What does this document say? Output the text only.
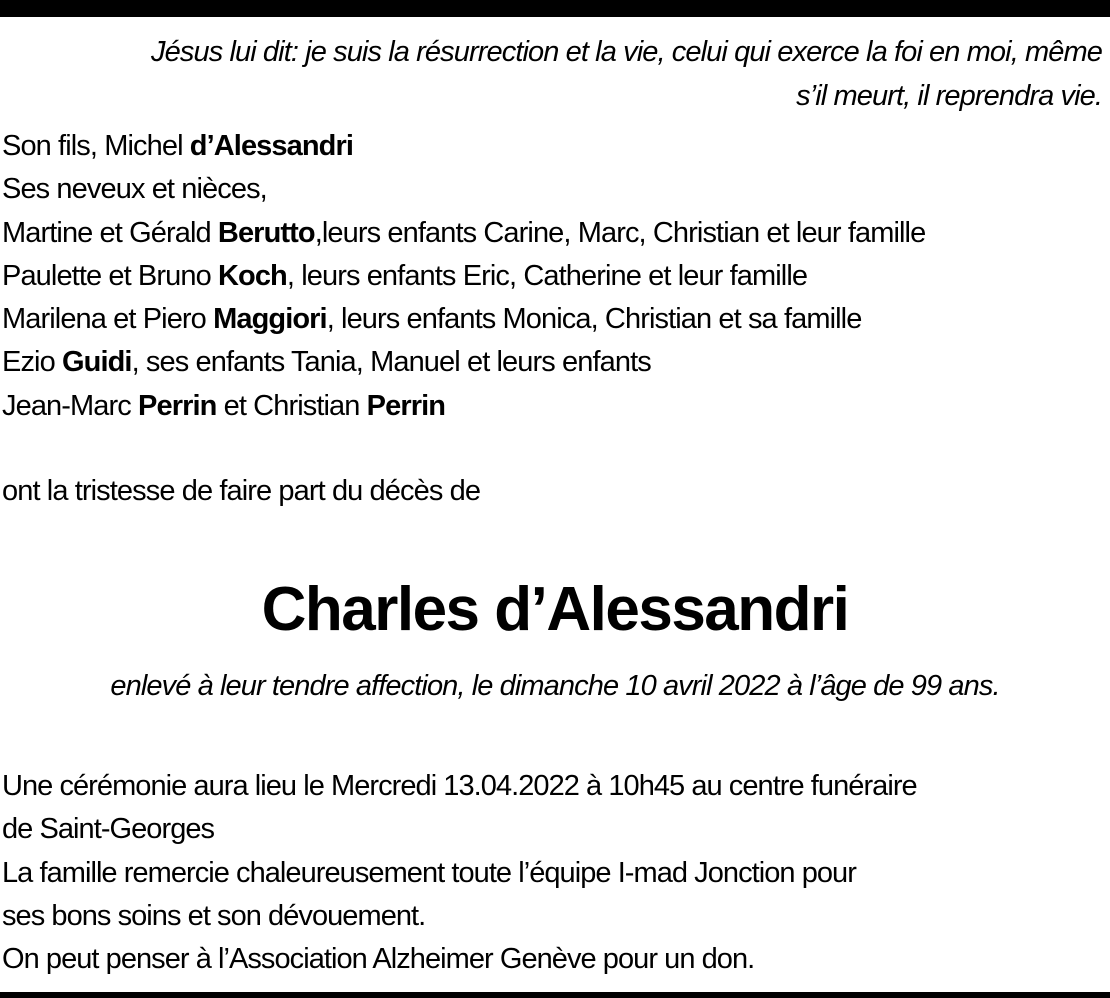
Jésus lui dit: je suis la résurrection et la vie, celui qui exerce la foi en moi, même
s’il meurt, il reprendra vie.
Son fils, Michel d’Alessandri
Ses neveux et nièces,
Martine et Gérald Berutto,leurs enfants Carine, Marc, Christian et leur famille
Paulette et Bruno Koch, leurs enfants Eric, Catherine et leur famille
Marilena et Piero Maggiori, leurs enfants Monica, Christian et sa famille
Ezio Guidi, ses enfants Tania, Manuel et leurs enfants
Jean-Marc Perrin et Christian Perrin
ont la tristesse de faire part du décès de
Charles d’Alessandri
enlevé à leur tendre affection, le dimanche 10 avril 2022 à l’âge de 99 ans.
Une cérémonie aura lieu le Mercredi 13.04.2022 à 10h45 au centre funéraire
de Saint-Georges
La famille remercie chaleureusement toute l’équipe I-mad Jonction pour
ses bons soins et son dévouement.
On peut penser à l’Association Alzheimer Genève pour un don.
